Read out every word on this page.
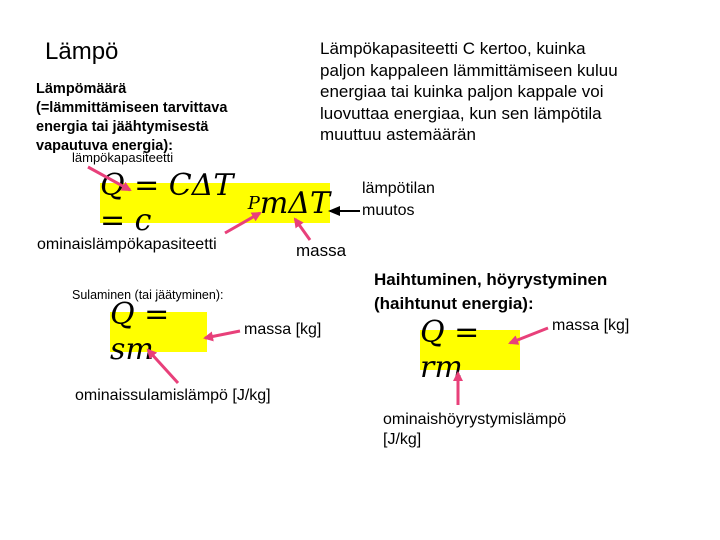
Lämpö
Lämpömäärä
(=lämmittämiseen tarvittava
energia tai jäähtymisestä
vapautuva energia):
Lämpökapasiteetti C kertoo, kuinka
paljon kappaleen lämmittämiseen kuluu
energiaa tai kuinka paljon kappale voi
luovuttaa energiaa, kun sen lämpötila
muuttuu astemäärän
lämpökapasiteetti
lämpötilan
muutos
Q = CΔT = c	P mΔT
ominaislämpökapasiteetti	massa
Sulaminen (tai jäätyminen):
Q = sm
massa [kg]
ominaissulamislämpö [J/kg]
Haihtuminen, höyrystyminen
(haihtunut energia):
massa [kg]
Q = rm
ominaishöyrystymislämpö
[J/kg]
